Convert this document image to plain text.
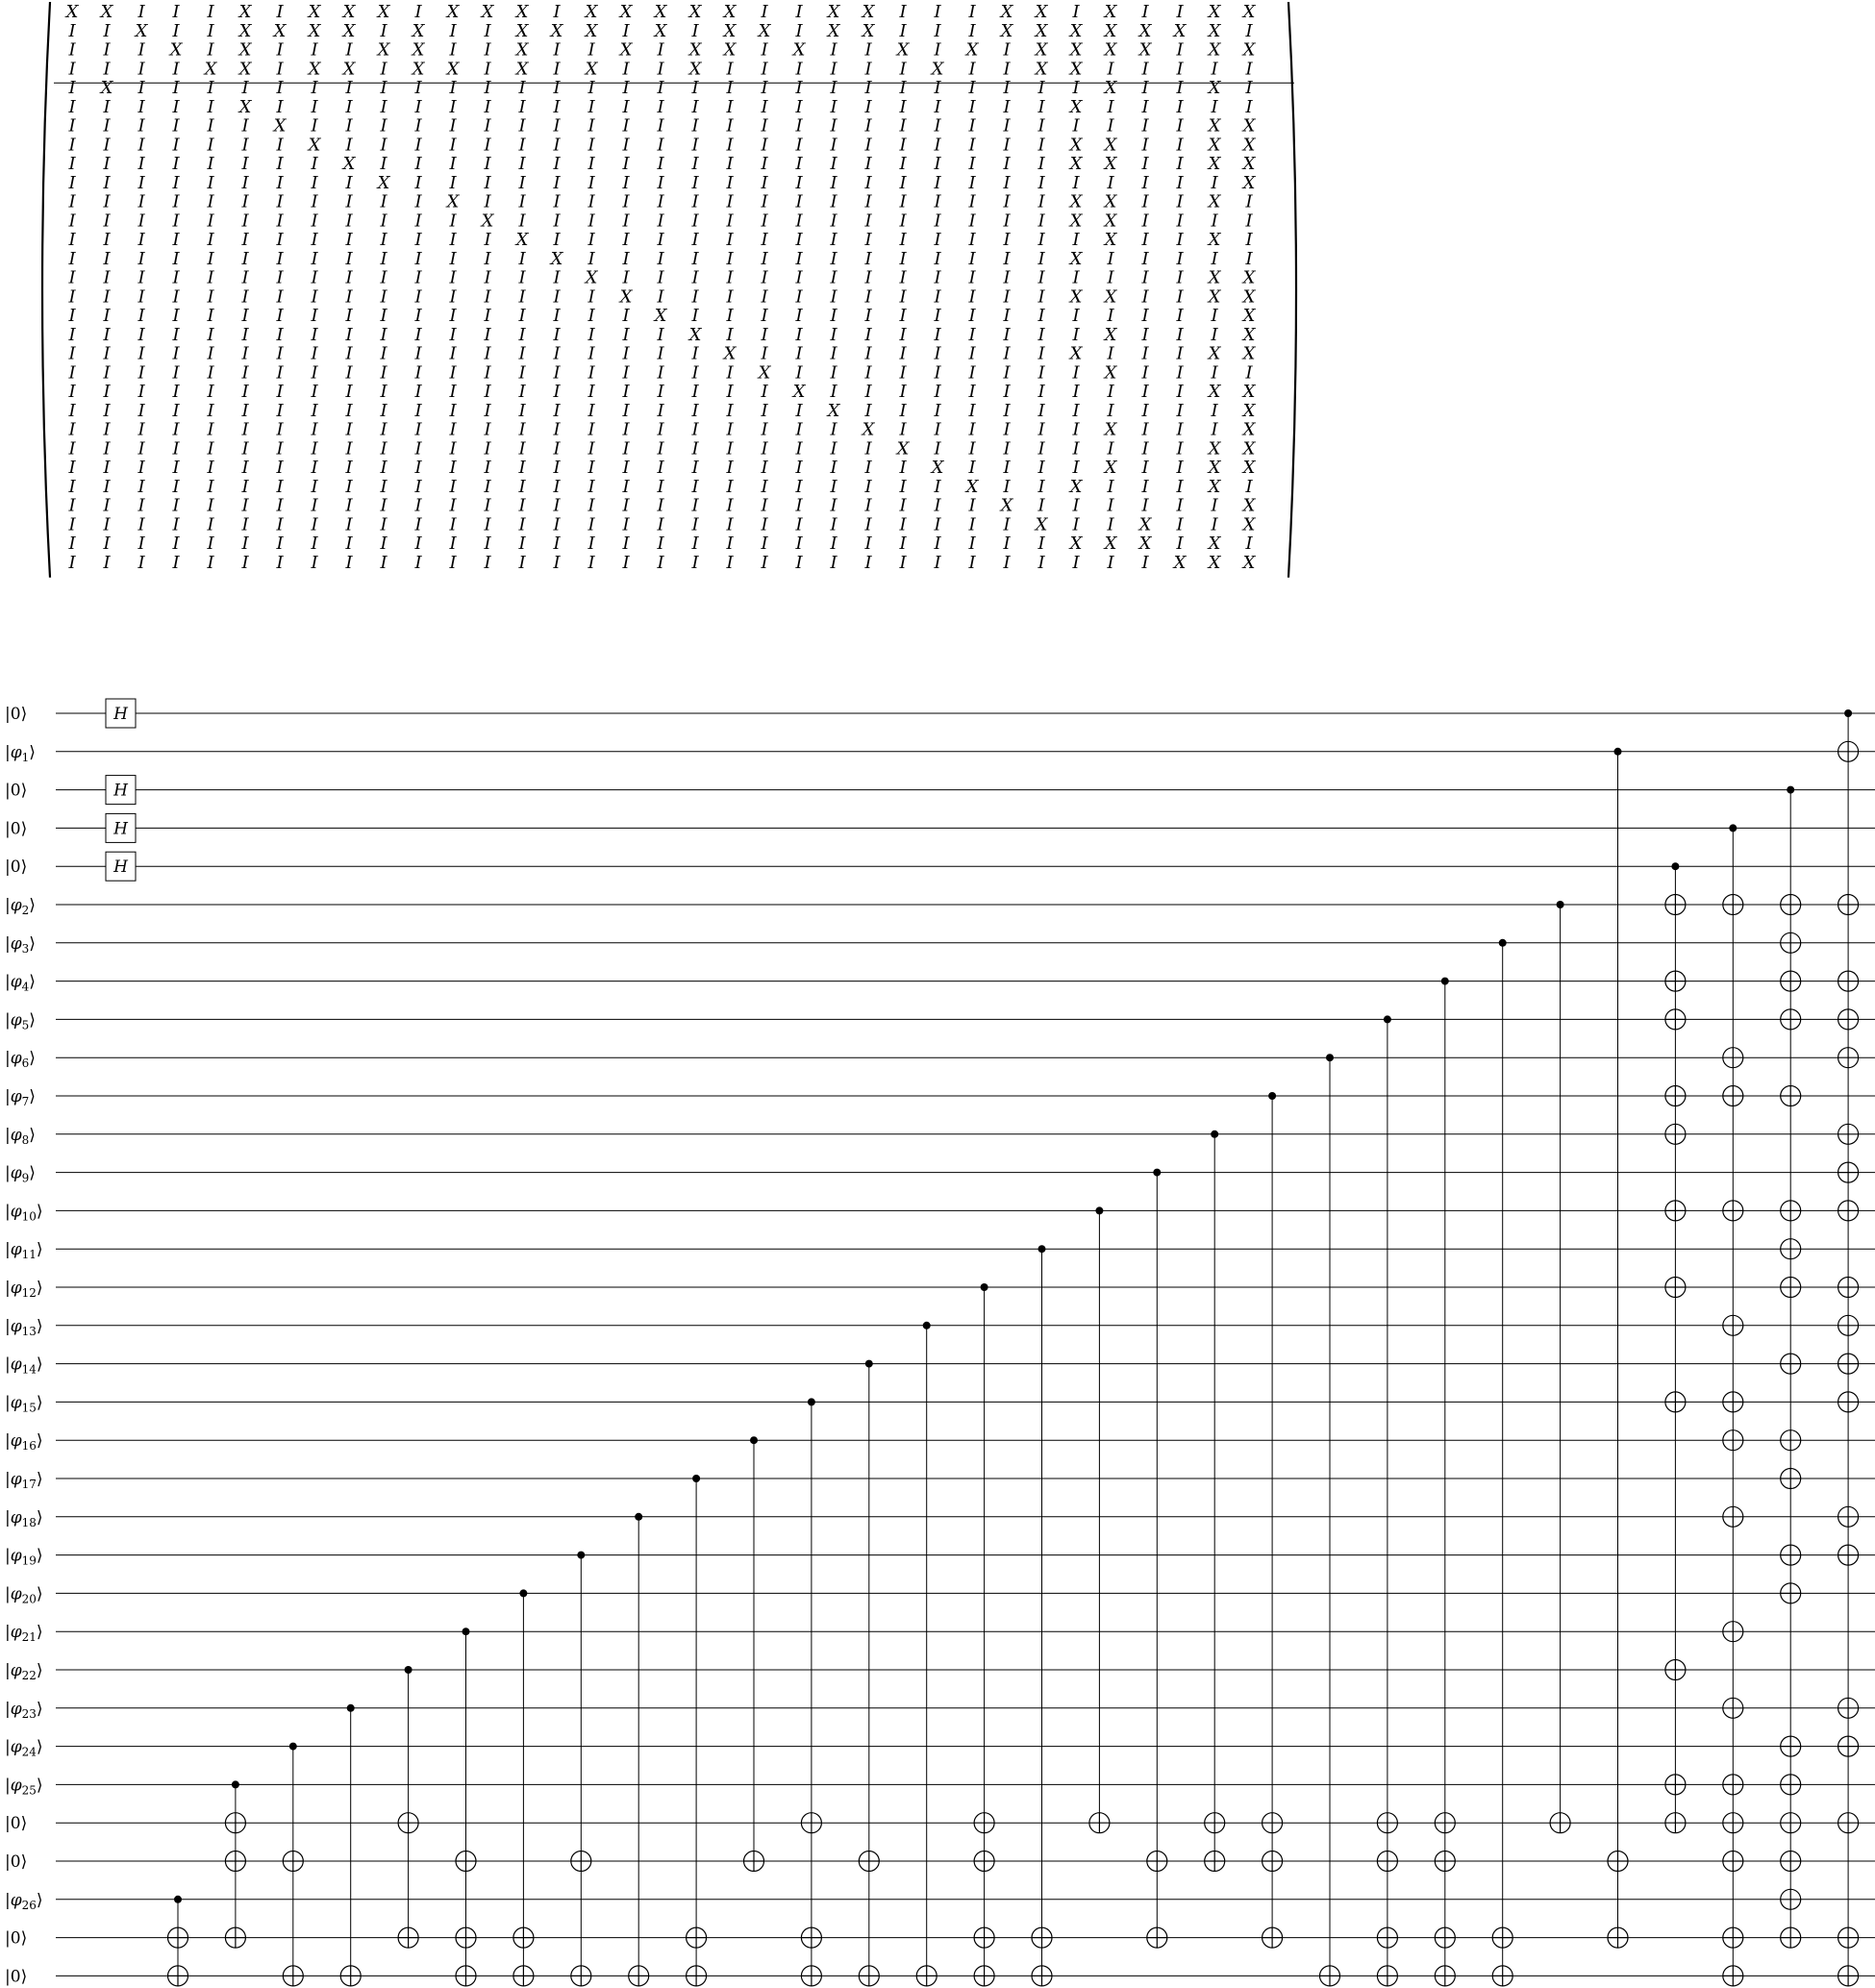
X X I I I X I X X X I X X X I X X X X X I I X X I I I X X I X I I X X
I I X I I X X X X I X I I X X X I X I X X I X X I I I X X X X X X X I
I I I X I X I I I X X I I X I I X I X X I X I I X I X I X X X X I X X
I I I I X X I X X I X X I X I X I I X I I I I I I X I I X X I I I I I
I X I I I I I I I I I I I I I I I I I I I I I I I I I I I I X I I X I
I I I I I X I I I I I I I I I I I I I I I I I I I I I I I X I I I I I
I I I I I I X I I I I I I I I I I I I I I I I I I I I I I I I I I X X
I I I I I I I X I I I I I I I I I I I I I I I I I I I I I X X I I X X
I I I I I I I I X I I I I I I I I I I I I I I I I I I I I X X I I X X
I I I I I I I I I X I I I I I I I I I I I I I I I I I I I I I I I I X
I I I I I I I I I I I X I I I I I I I I I I I I I I I I I X X I I X I
I I I I I I I I I I I I X I I I I I I I I I I I I I I I I X X I I I I
I I I I I I I I I I I I I X I I I I I I I I I I I I I I I I X I I X I
I I I I I I I I I I I I I I X I I I I I I I I I I I I I I X I I I I I
I I I I I I I I I I I I I I I X I I I I I I I I I I I I I I I I I X X
I I I I I I I I I I I I I I I I X I I I I I I I I I I I I X X I I X X
I I I I I I I I I I I I I I I I I X I I I I I I I I I I I I I I I I X
I I I I I I I I I I I I I I I I I I X I I I I I I I I I I I X I I I X
I I I I I I I I I I I I I I I I I I I X I I I I I I I I I X I I I X X
I I I I I I I I I I I I I I I I I I I I X I I I I I I I I I X I I I I
I I I I I I I I I I I I I I I I I I I I I X I I I I I I I I I I I X X
I I I I I I I I I I I I I I I I I I I I I I X I I I I I I I I I I I X
I I I I I I I I I I I I I I I I I I I I I I I X I I I I I I X I I I X
I I I I I I I I I I I I I I I I I I I I I I I I X I I I I I I I I X X
I I I I I I I I I I I I I I I I I I I I I I I I I X I I I I X I I X X
I I I I I I I I I I I I I I I I I I I I I I I I I I X I I X I I I X I
I I I I I I I I I I I I I I I I I I I I I I I I I I I X I I I I I I X
I I I I I I I I I I I I I I I I I I I I I I I I I I I I X I I X I I X
I I I I I I I I I I I I I I I I I I I I I I I I I I I I I X X X I X I
I I I I I I I I I I I I I I I I I I I I I I I I I I I I I I I I X X X
|0⟩
$|\varphi_1⟩$
|0⟩
|0⟩
|0⟩
$|\varphi_2⟩$
$|\varphi_3⟩$
$|\varphi_4⟩$
$|\varphi_5⟩$
$|\varphi_6⟩$
$|\varphi_7⟩$
$|\varphi_8⟩$
$|\varphi_9⟩$
$|\varphi_{10}⟩$
$|\varphi_{11}⟩$
$|\varphi_{12}⟩$
$|\varphi_{13}⟩$
$|\varphi_{14}⟩$
$|\varphi_{15}⟩$
$|\varphi_{16}⟩$
$|\varphi_{17}⟩$
$|\varphi_{18}⟩$
$|\varphi_{19}⟩$
$|\varphi_{20}⟩$
$|\varphi_{21}⟩$
$|\varphi_{22}⟩$
$|\varphi_{23}⟩$
$|\varphi_{24}⟩$
$|\varphi_{25}⟩$
|0⟩
|0⟩
$|\varphi_{26}⟩$
|0⟩
|0⟩
H
H
H
H
